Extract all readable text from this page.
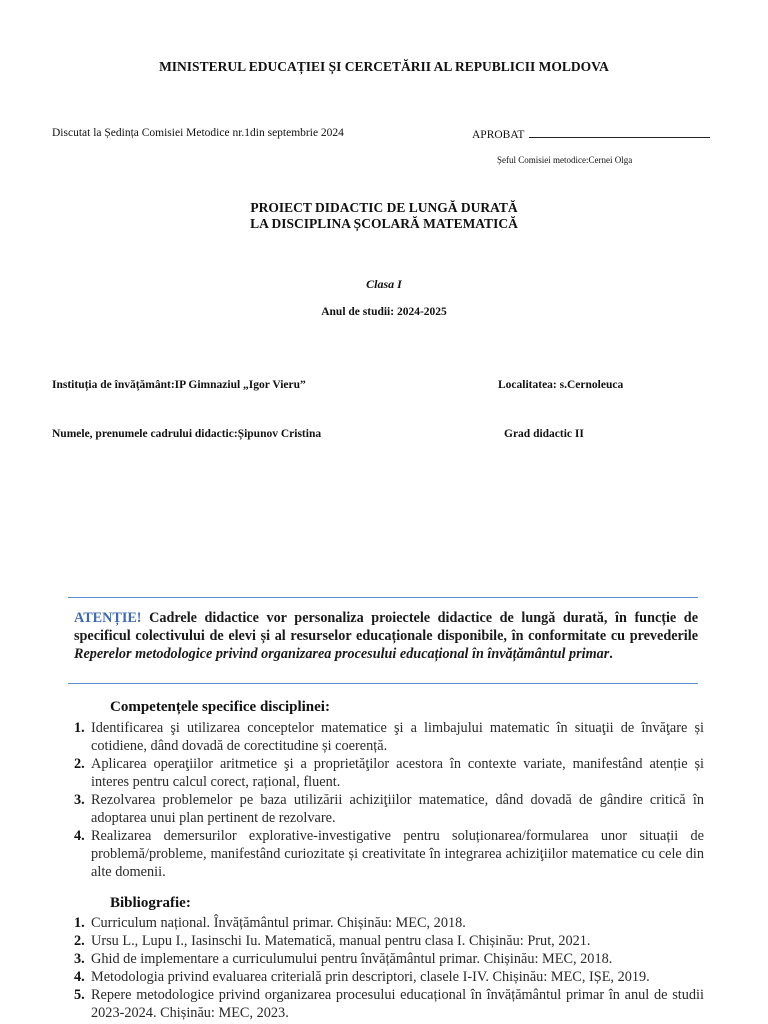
MINISTERUL EDUCAȚIEI ȘI CERCETĂRII AL REPUBLICII MOLDOVA
Discutat la Ședința Comisiei Metodice nr.1din septembrie 2024	APROBAT
Șeful Comisiei metodice:Cernei Olga
PROIECT DIDACTIC DE LUNGĂ DURATĂ
LA DISCIPLINA ȘCOLARĂ MATEMATICĂ
Clasa I
Anul de studii: 2024-2025
Instituția de învățământ:IP Gimnaziul „Igor Vieru”	Localitatea: s.Cernoleuca
Numele, prenumele cadrului didactic:Șipunov Cristina	Grad didactic II
ATENȚIE! Cadrele didactice vor personaliza proiectele didactice de lungă durată, în funcție de specificul colectivului de elevi și al resurselor educaționale disponibile, în conformitate cu prevederile Reperelor metodologice privind organizarea procesului educațional în învățământul primar.
Competențele specifice disciplinei:
1. Identificarea şi utilizarea conceptelor matematice şi a limbajului matematic în situaţii de învăţare și cotidiene, dând dovadă de corectitudine și coerență.
2. Aplicarea operaţiilor aritmetice şi a proprietăţilor acestora în contexte variate, manifestând atenție și interes pentru calcul corect, rațional, fluent.
3. Rezolvarea problemelor pe baza utilizării achiziţiilor matematice, dând dovadă de gândire critică în adoptarea unui plan pertinent de rezolvare.
4. Realizarea demersurilor explorative-investigative pentru soluționarea/formularea unor situații de problemă/probleme, manifestând curiozitate și creativitate în integrarea achiziţiilor matematice cu cele din alte domenii.
Bibliografie:
1. Curriculum național. Învățământul primar. Chișinău: MEC, 2018.
2. Ursu L., Lupu I., Iasinschi Iu. Matematică, manual pentru clasa I. Chișinău: Prut, 2021.
3. Ghid de implementare a curriculumului pentru învățământul primar. Chișinău: MEC, 2018.
4. Metodologia privind evaluarea criterială prin descriptori, clasele I-IV. Chișinău: MEC, IȘE, 2019.
5. Repere metodologice privind organizarea procesului educațional în învățământul primar în anul de studii 2023-2024. Chișinău: MEC, 2023.
